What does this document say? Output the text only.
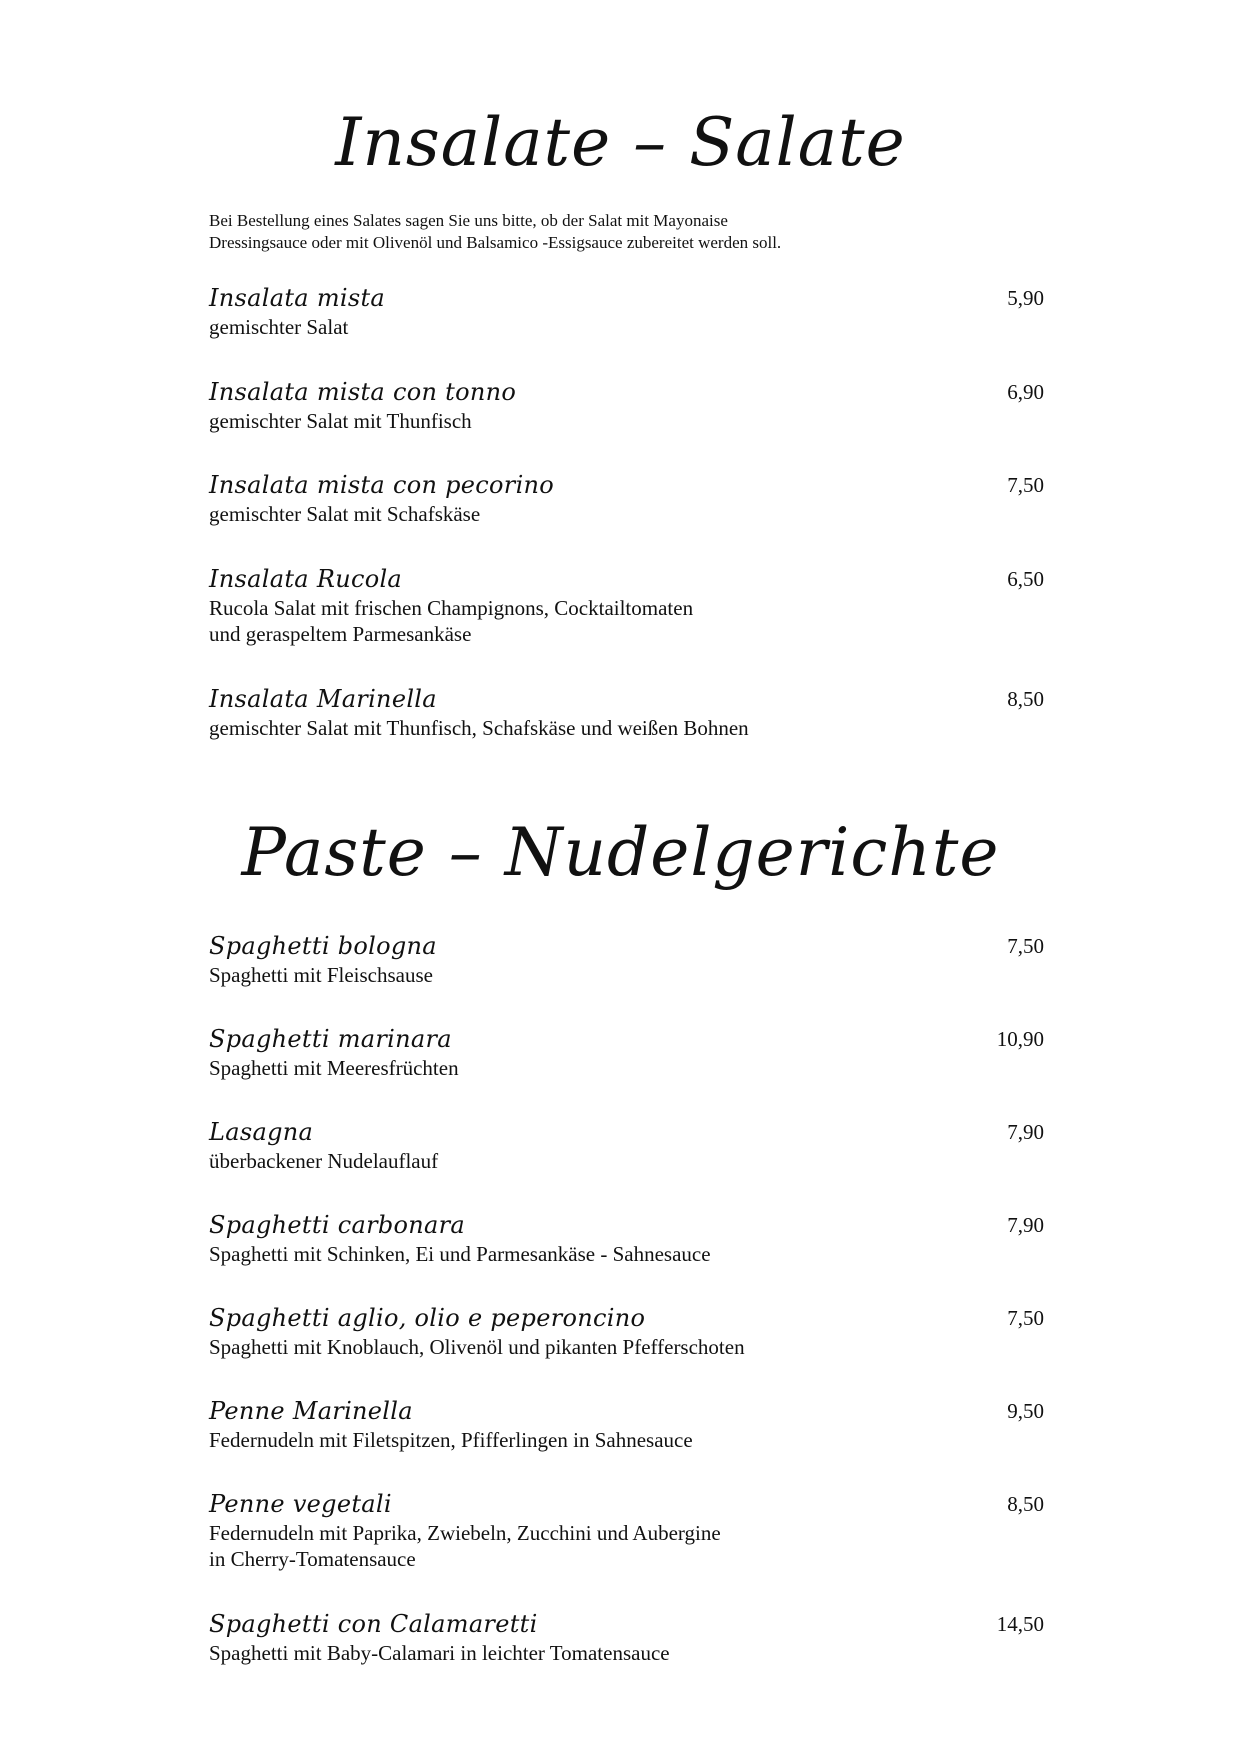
Insalate – Salate
Bei Bestellung eines Salates sagen Sie uns bitte, ob der Salat mit Mayonaise
Dressingsauce oder mit Olivenöl und Balsamico -Essigsauce zubereitet werden soll.
Insalata mista	5,90
gemischter Salat
Insalata mista con tonno	6,90
gemischter Salat mit Thunfisch
Insalata mista con pecorino	7,50
gemischter Salat mit Schafskäse
Insalata Rucola	6,50
Rucola Salat mit frischen Champignons, Cocktailtomaten
und geraspeltem Parmesankäse
Insalata Marinella	8,50
gemischter Salat mit Thunfisch, Schafskäse und weißen Bohnen
Paste – Nudelgerichte
Spaghetti bologna	7,50
Spaghetti mit Fleischsause
Spaghetti marinara	10,90
Spaghetti mit Meeresfrüchten
Lasagna	7,90
überbackener Nudelauflauf
Spaghetti carbonara	7,90
Spaghetti mit Schinken, Ei und Parmesankäse - Sahnesauce
Spaghetti aglio, olio e peperoncino	7,50
Spaghetti mit Knoblauch, Olivenöl und pikanten Pfefferschoten
Penne Marinella	9,50
Federnudeln mit Filetspitzen, Pfifferlingen in Sahnesauce
Penne vegetali	8,50
Federnudeln mit Paprika, Zwiebeln, Zucchini und Aubergine
in Cherry-Tomatensauce
Spaghetti con Calamaretti	14,50
Spaghetti mit Baby-Calamari in leichter Tomatensauce
